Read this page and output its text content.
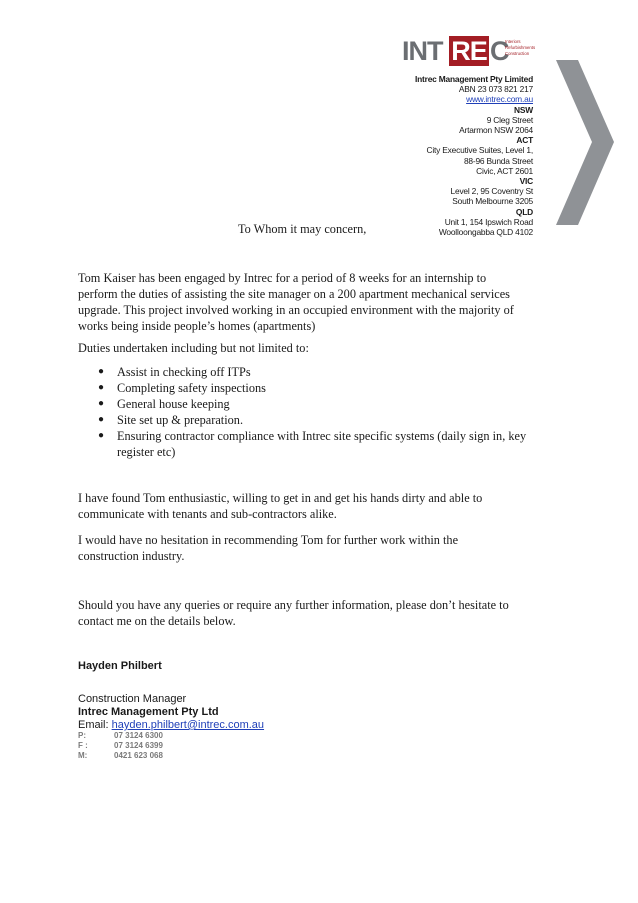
INT RE C
Interiors
Refurbishments
Construction
Intrec Management Pty Limited
ABN 23 073 821 217
www.intrec.com.au
NSW
9 Cleg Street
Artarmon NSW 2064
ACT
City Executive Suites, Level 1,
88-96 Bunda Street
Civic, ACT 2601
VIC
Level 2, 95 Coventry St
South Melbourne 3205
QLD
Unit 1, 154 Ipswich Road
Woolloongabba QLD 4102
To Whom it may concern,
Tom Kaiser has been engaged by Intrec for a period of 8 weeks for an internship to
perform the duties of assisting the site manager on a 200 apartment mechanical services
upgrade. This project involved working in an occupied environment with the majority of
works being inside people’s homes (apartments)
Duties undertaken including but not limited to:
● Assist in checking off ITPs
● Completing safety inspections
● General house keeping
● Site set up & preparation.
● Ensuring contractor compliance with Intrec site specific systems (daily sign in, key
register etc)
I have found Tom enthusiastic, willing to get in and get his hands dirty and able to
communicate with tenants and sub-contractors alike.
I would have no hesitation in recommending Tom for further work within the
construction industry.
Should you have any queries or require any further information, please don’t hesitate to
contact me on the details below.
Hayden Philbert
Construction Manager
Intrec Management Pty Ltd
Email: hayden.philbert@intrec.com.au
P:	07 3124 6300
F :	07 3124 6399
M:	0421 623 068
